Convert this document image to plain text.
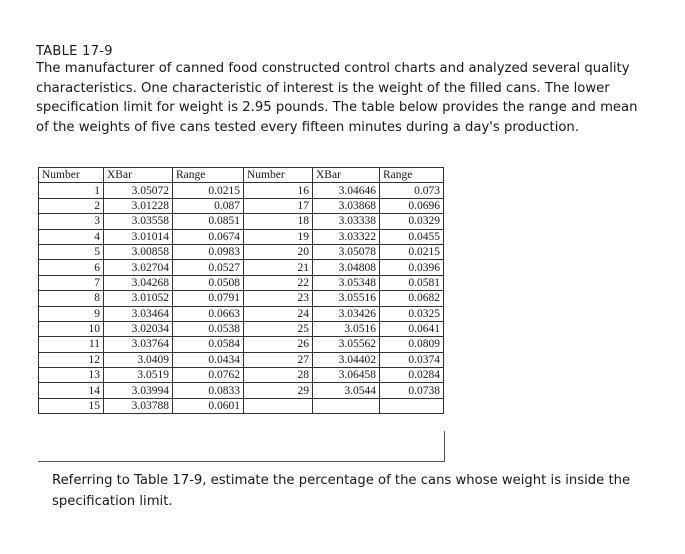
TABLE 17-9

The manufacturer of canned food constructed control charts and analyzed several quality characteristics. One characteristic of interest is the weight of the filled cans. The lower specification limit for weight is 2.95 pounds. The table below provides the range and mean of the weights of five cans tested every fifteen minutes during a day's production.

Number	XBar	Range	Number	XBar	Range
1	3.05072	0.0215	16	3.04646	0.073
2	3.01228	0.087	17	3.03868	0.0696
3	3.03558	0.0851	18	3.03338	0.0329
4	3.01014	0.0674	19	3.03322	0.0455
5	3.00858	0.0983	20	3.05078	0.0215
6	3.02704	0.0527	21	3.04808	0.0396
7	3.04268	0.0508	22	3.05348	0.0581
8	3.01052	0.0791	23	3.05516	0.0682
9	3.03464	0.0663	24	3.03426	0.0325
10	3.02034	0.0538	25	3.0516	0.0641
11	3.03764	0.0584	26	3.05562	0.0809
12	3.0409	0.0434	27	3.04402	0.0374
13	3.0519	0.0762	28	3.06458	0.0284
14	3.03994	0.0833	29	3.0544	0.0738
15	3.03788	0.0601			

Referring to Table 17-9, estimate the percentage of the cans whose weight is inside the specification limit.
